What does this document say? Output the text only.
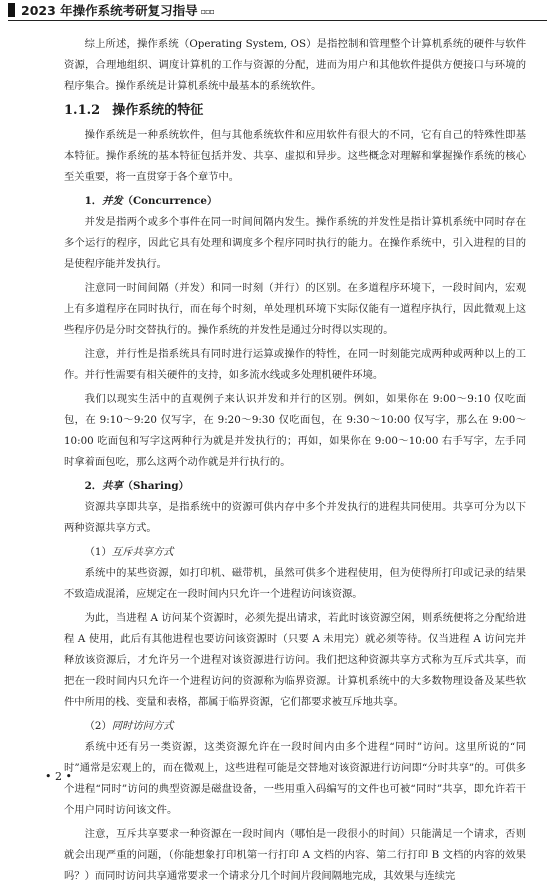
2023 年操作系统考研复习指导 ▫▫▫

综上所述，操作系统（Operating System, OS）是指控制和管理整个计算机系统的硬件与软件资源，合理地组织、调度计算机的工作与资源的分配，进而为用户和其他软件提供方便接口与环境的程序集合。操作系统是计算机系统中最基本的系统软件。

1.1.2 操作系统的特征

操作系统是一种系统软件，但与其他系统软件和应用软件有很大的不同，它有自己的特殊性即基本特征。操作系统的基本特征包括并发、共享、虚拟和异步。这些概念对理解和掌握操作系统的核心至关重要，将一直贯穿于各个章节中。

1．并发（Concurrence）

并发是指两个或多个事件在同一时间间隔内发生。操作系统的并发性是指计算机系统中同时存在多个运行的程序，因此它具有处理和调度多个程序同时执行的能力。在操作系统中，引入进程的目的是使程序能并发执行。

注意同一时间间隔（并发）和同一时刻（并行）的区别。在多道程序环境下，一段时间内，宏观上有多道程序在同时执行，而在每个时刻，单处理机环境下实际仅能有一道程序执行，因此微观上这些程序仍是分时交替执行的。操作系统的并发性是通过分时得以实现的。

注意，并行性是指系统具有同时进行运算或操作的特性，在同一时刻能完成两种或两种以上的工作。并行性需要有相关硬件的支持，如多流水线或多处理机硬件环境。

我们以现实生活中的直观例子来认识并发和并行的区别。例如，如果你在 9:00～9:10 仅吃面包，在 9:10～9:20 仅写字，在 9:20～9:30 仅吃面包，在 9:30～10:00 仅写字，那么在 9:00～10:00 吃面包和写字这两种行为就是并发执行的；再如，如果你在 9:00～10:00 右手写字，左手同时拿着面包吃，那么这两个动作就是并行执行的。

2．共享（Sharing）

资源共享即共享，是指系统中的资源可供内存中多个并发执行的进程共同使用。共享可分为以下两种资源共享方式。

（1）互斥共享方式

系统中的某些资源，如打印机、磁带机，虽然可供多个进程使用，但为使得所打印或记录的结果不致造成混淆，应规定在一段时间内只允许一个进程访问该资源。

为此，当进程 A 访问某个资源时，必须先提出请求，若此时该资源空闲，则系统便将之分配给进程 A 使用，此后有其他进程也要访问该资源时（只要 A 未用完）就必须等待。仅当进程 A 访问完并释放该资源后，才允许另一个进程对该资源进行访问。我们把这种资源共享方式称为互斥式共享，而把在一段时间内只允许一个进程访问的资源称为临界资源。计算机系统中的大多数物理设备及某些软件中所用的栈、变量和表格，都属于临界资源，它们都要求被互斥地共享。

（2）同时访问方式

系统中还有另一类资源，这类资源允许在一段时间内由多个进程“同时”访问。这里所说的“同时”通常是宏观上的，而在微观上，这些进程可能是交替地对该资源进行访问即“分时共享”的。可供多个进程“同时”访问的典型资源是磁盘设备，一些用重入码编写的文件也可被“同时”共享，即允许若干个用户同时访问该文件。

注意，互斥共享要求一种资源在一段时间内（哪怕是一段很小的时间）只能满足一个请求，否则就会出现严重的问题，（你能想象打印机第一行打印 A 文档的内容、第二行打印 B 文档的内容的效果吗？）而同时访问共享通常要求一个请求分几个时间片段间隔地完成，其效果与连续完

• 2 •
